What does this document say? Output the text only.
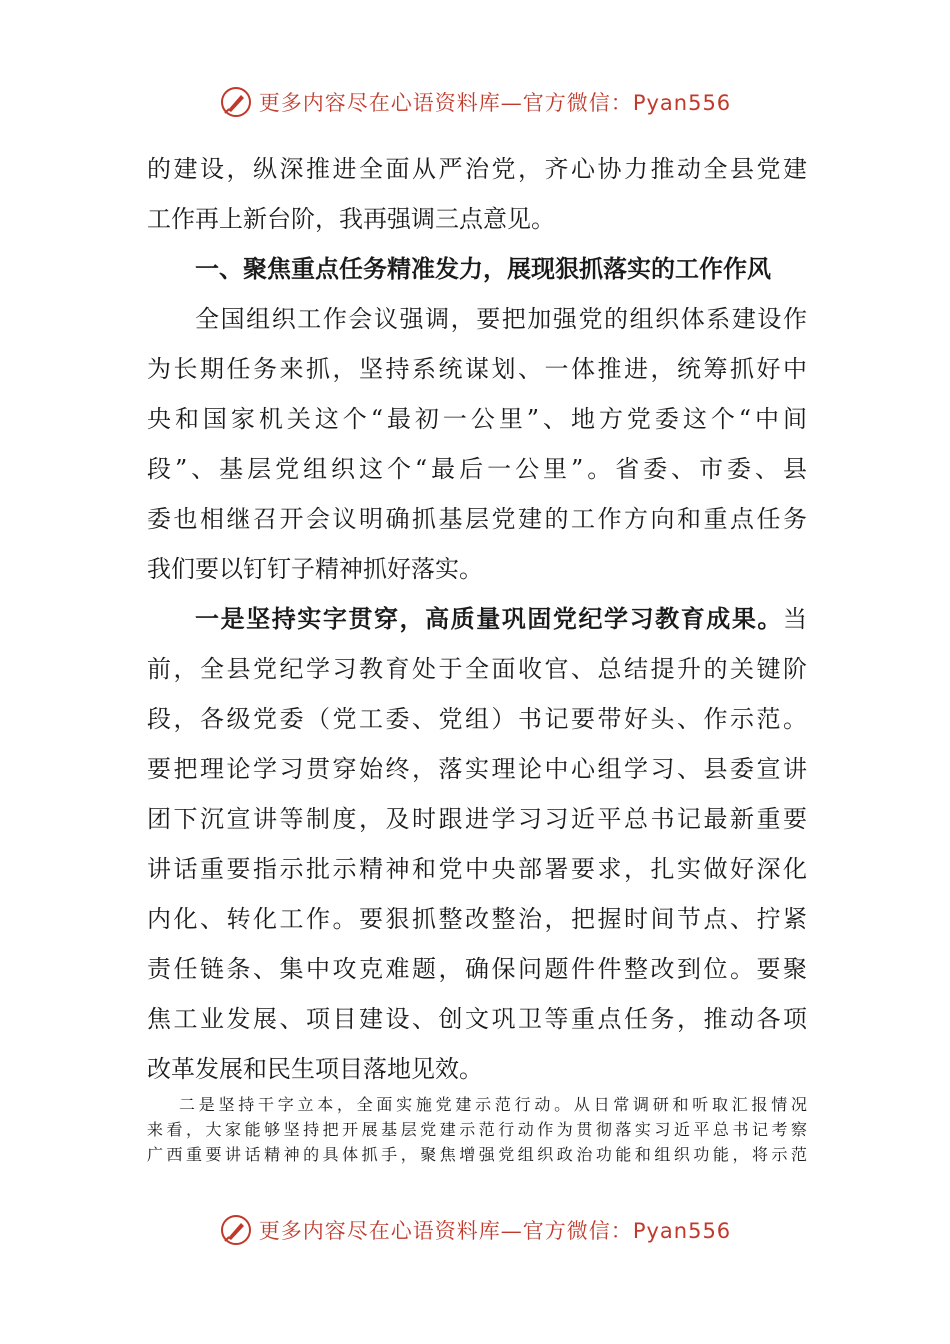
更多内容尽在心语资料库—官方微信：Pyan556
的建设，纵深推进全面从严治党，齐心协力推动全县党建
工作再上新台阶，我再强调三点意见。
一、聚焦重点任务精准发力，展现狠抓落实的工作作风
全国组织工作会议强调，要把加强党的组织体系建设作
为长期任务来抓，坚持系统谋划、一体推进，统筹抓好中
央和国家机关这个“最初一公里”、地方党委这个“中间
段”、基层党组织这个“最后一公里”。省委、市委、县
委也相继召开会议明确抓基层党建的工作方向和重点任务
我们要以钉钉子精神抓好落实。
一是坚持实字贯穿，高质量巩固党纪学习教育成果。当
前，全县党纪学习教育处于全面收官、总结提升的关键阶
段，各级党委（党工委、党组）书记要带好头、作示范。
要把理论学习贯穿始终，落实理论中心组学习、县委宣讲
团下沉宣讲等制度，及时跟进学习习近平总书记最新重要
讲话重要指示批示精神和党中央部署要求，扎实做好深化
内化、转化工作。要狠抓整改整治，把握时间节点、拧紧
责任链条、集中攻克难题，确保问题件件整改到位。要聚
焦工业发展、项目建设、创文巩卫等重点任务，推动各项
改革发展和民生项目落地见效。
二是坚持干字立本，全面实施党建示范行动。从日常调研和听取汇报情况
来看，大家能够坚持把开展基层党建示范行动作为贯彻落实习近平总书记考察
广西重要讲话精神的具体抓手，聚焦增强党组织政治功能和组织功能，将示范
更多内容尽在心语资料库—官方微信：Pyan556
